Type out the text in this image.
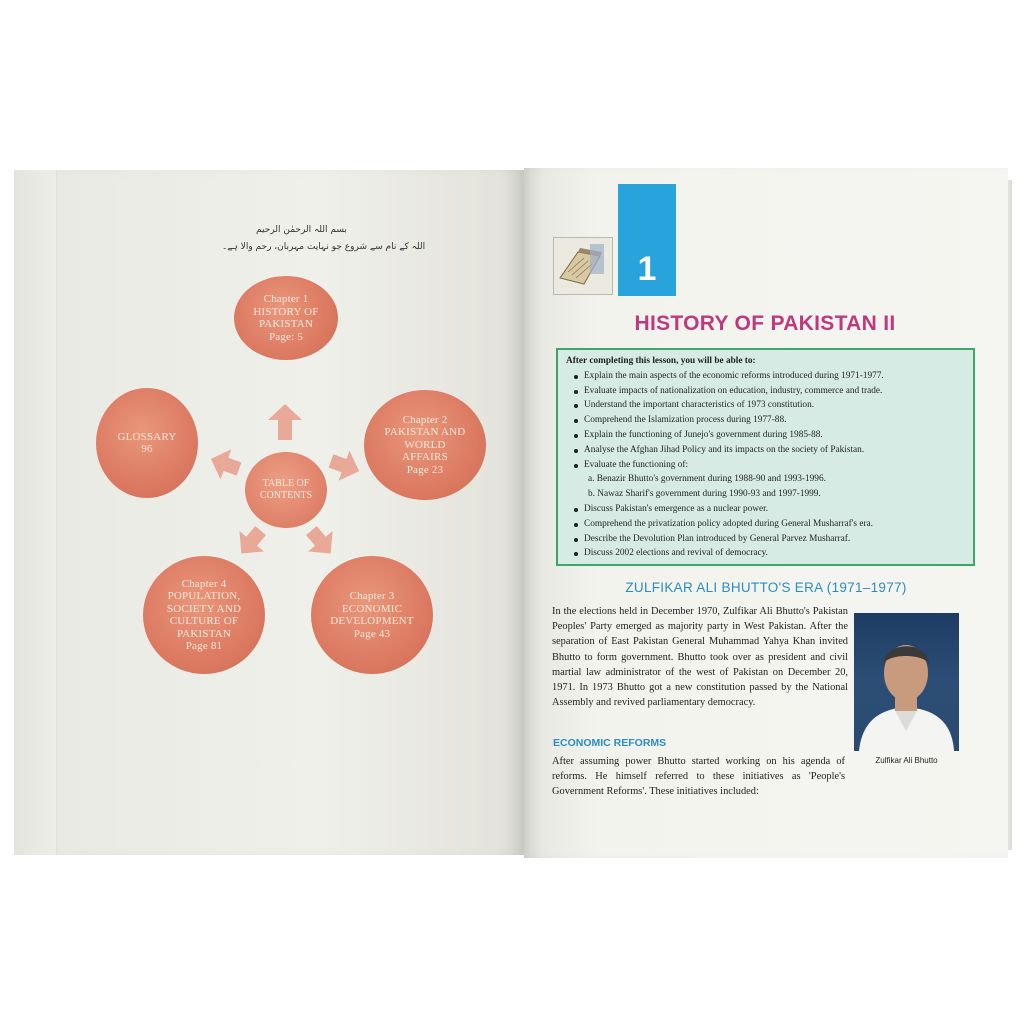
بسم اللہ الرحمٰن الرحیم
اللہ کے نام سے شروع جو نہایت مہربان، رحم والا ہے۔
Chapter 1
HISTORY OF
PAKISTAN
Page: 5
Chapter 2
PAKISTAN AND
WORLD
AFFAIRS
Page 23
Chapter 3
ECONOMIC
DEVELOPMENT
Page 43
Chapter 4
POPULATION,
SOCIETY AND
CULTURE OF
PAKISTAN
Page 81
GLOSSARY
96
TABLE OF
CONTENTS
1
HISTORY OF PAKISTAN II
After completing this lesson, you will be able to:
Explain the main aspects of the economic reforms introduced during 1971-1977.
Evaluate impacts of nationalization on education, industry, commerce and trade.
Understand the important characteristics of 1973 constitution.
Comprehend the Islamization process during 1977-88.
Explain the functioning of Junejo's government during 1985-88.
Analyse the Afghan Jihad Policy and its impacts on the society of Pakistan.
Evaluate the functioning of:
a. Benazir Bhutto's government during 1988-90 and 1993-1996.
b. Nawaz Sharif's government during 1990-93 and 1997-1999.
Discuss Pakistan's emergence as a nuclear power.
Comprehend the privatization policy adopted during General Musharraf's era.
Describe the Devolution Plan introduced by General Parvez Musharraf.
Discuss 2002 elections and revival of democracy.
ZULFIKAR ALI BHUTTO'S ERA (1971–1977)
In the elections held in December 1970, Zulfikar Ali Bhutto's Pakistan Peoples' Party emerged as majority party in West Pakistan. After the separation of East Pakistan General Muhammad Yahya Khan invited Bhutto to form government. Bhutto took over as president and civil martial law administrator of the west of Pakistan on December 20, 1971. In 1973 Bhutto got a new constitution passed by the National Assembly and revived parliamentary democracy.
Zulfikar Ali Bhutto
ECONOMIC REFORMS
After assuming power Bhutto started working on his agenda of reforms. He himself referred to these initiatives as 'People's Government Reforms'. These initiatives included:
